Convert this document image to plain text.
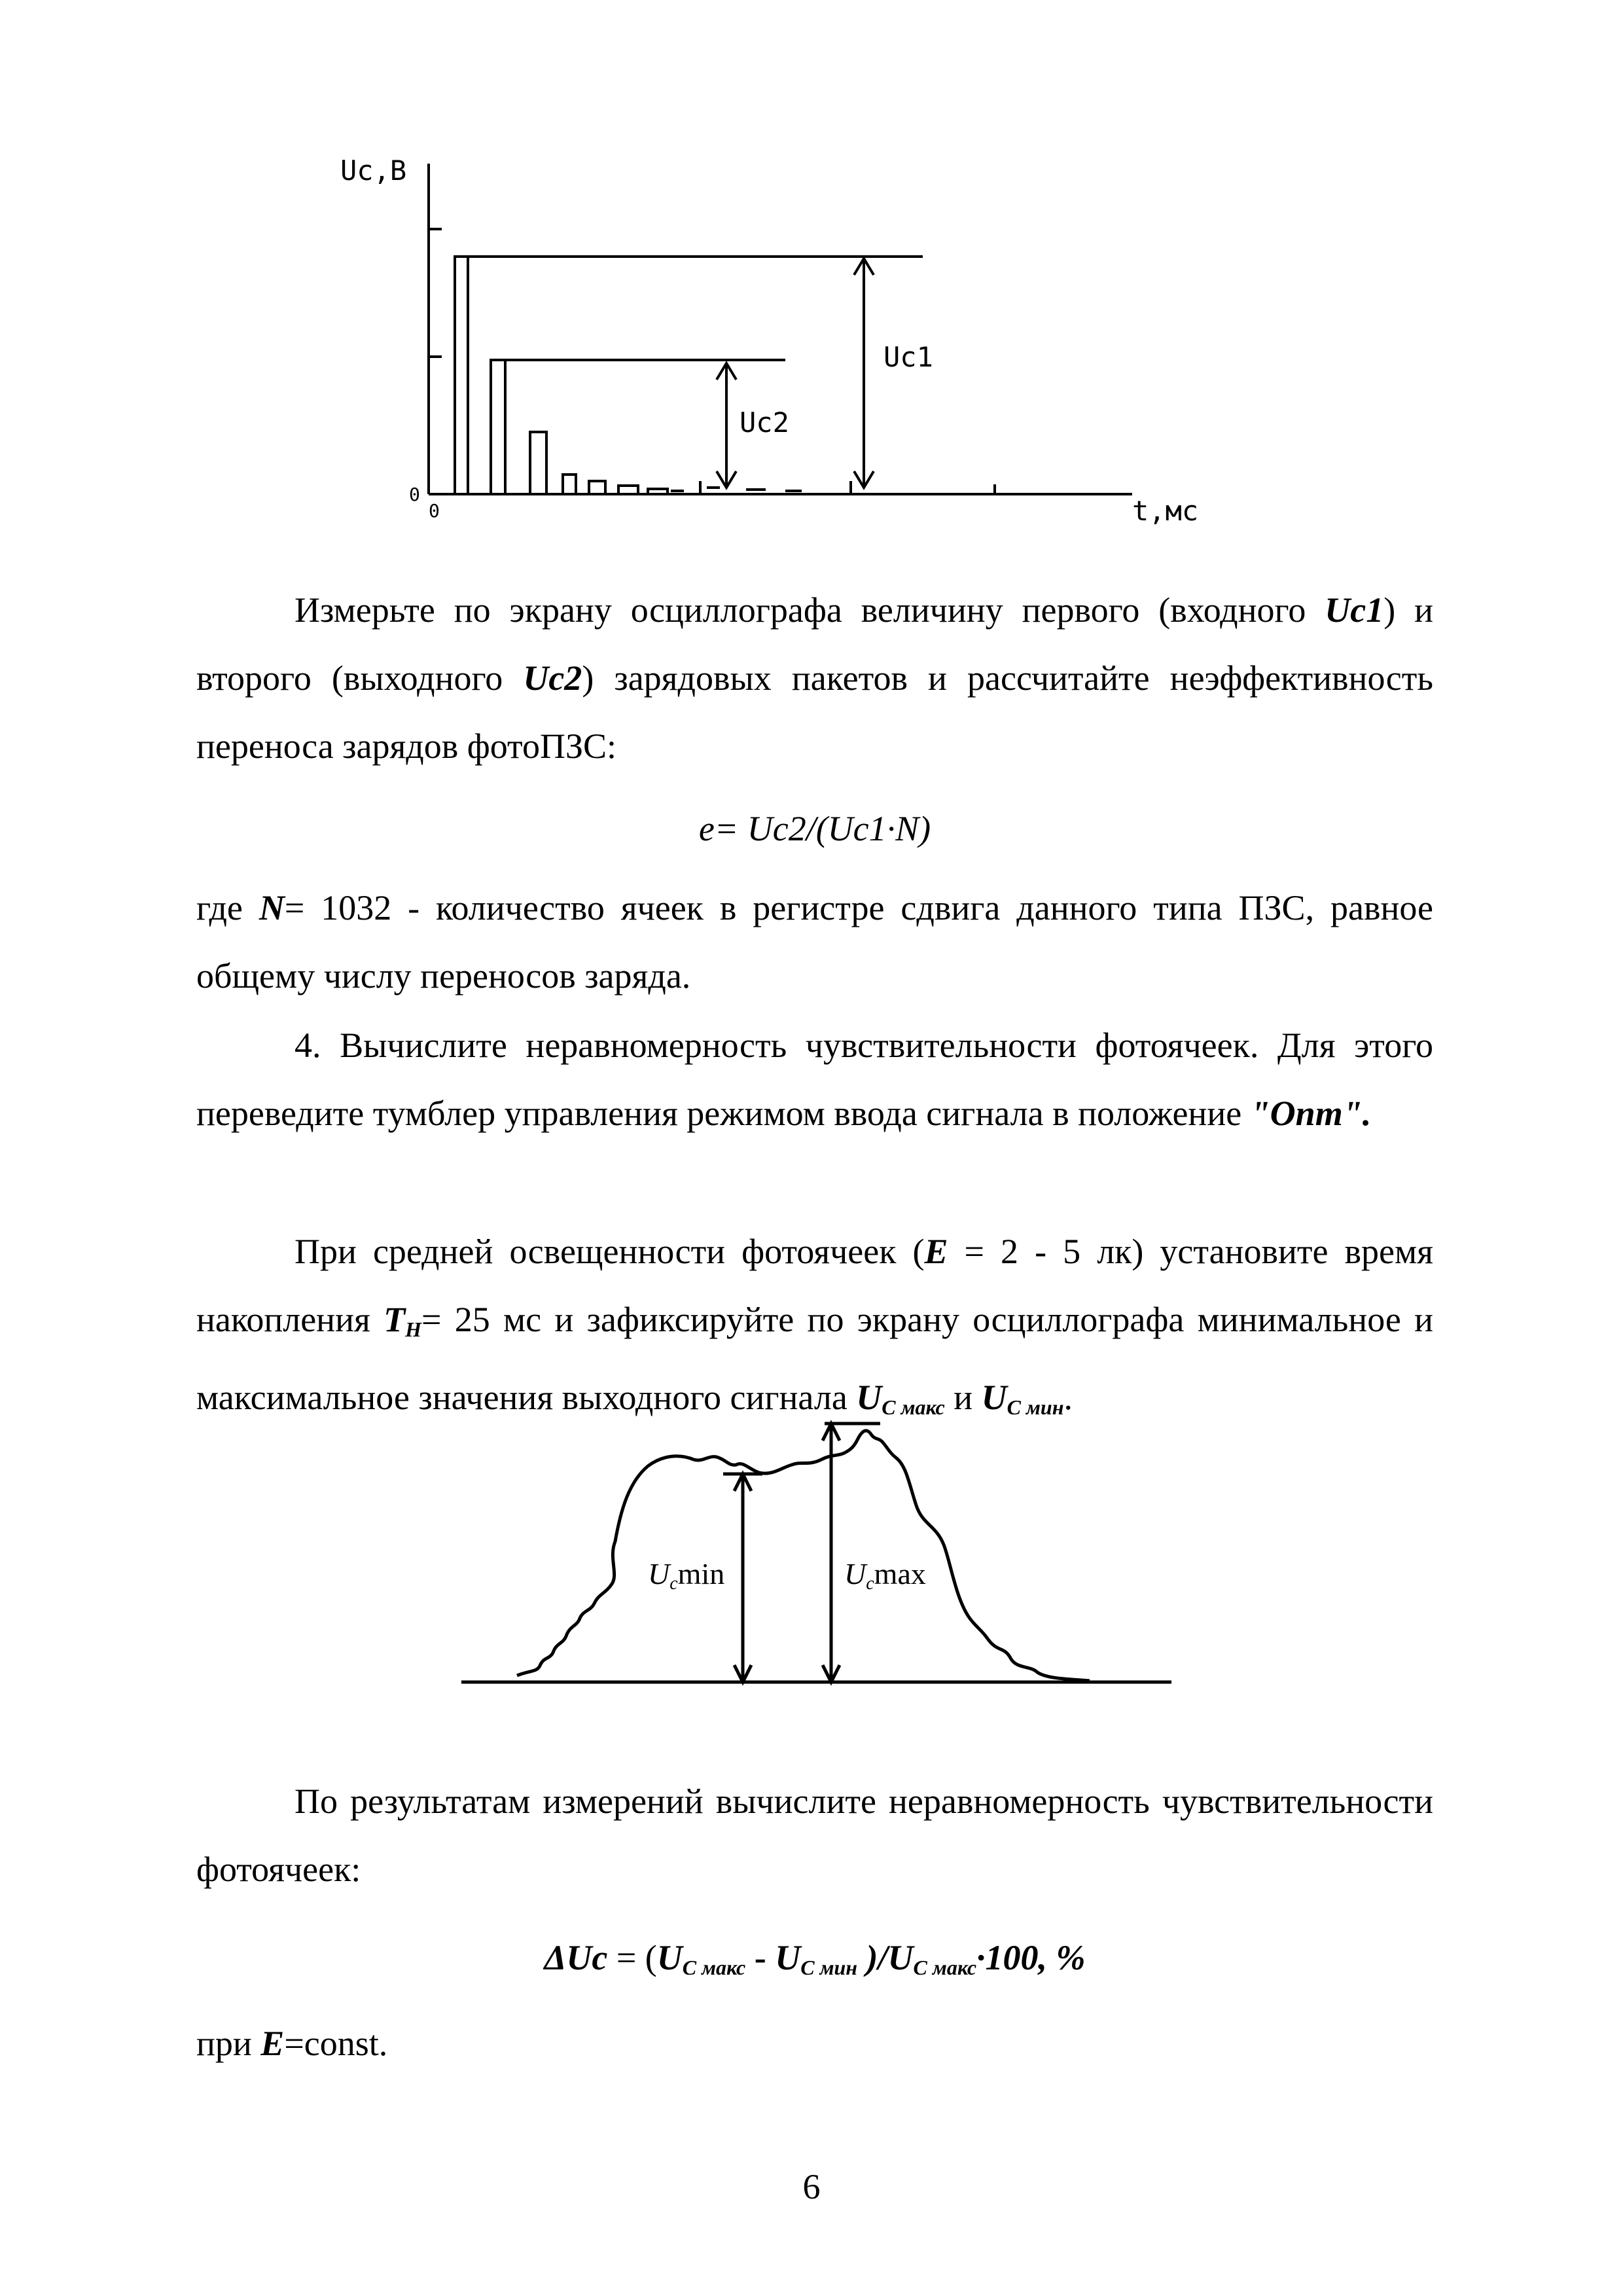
Uc,В
t,мс
0
0
Uc1
Uc2

Измерьте по экрану осциллографа величину первого (входного Uc1) и второго (выходного Uc2) зарядовых пакетов и рассчитайте неэффективность переноса зарядов фотоПЗС:

e= Uc2/(Uc1·N)

где N= 1032 - количество ячеек в регистре сдвига данного типа ПЗС, равное общему числу переносов заряда.

4. Вычислите неравномерность чувствительности фотоячеек. Для этого переведите тумблер управления режимом ввода сигнала в положение "Опт".

При средней освещенности фотоячеек (E = 2 - 5 лк) установите время накопления $T_H= 25$ мс и зафиксируйте по экрану осциллографа минимальное и максимальное значения выходного сигнала $U_{C макс}$ и $U_{C мин}$.

Ucmin	Ucmax

По результатам измерений вычислите неравномерность чувствительности фотоячеек:

$\Delta Uc = (U_{C макс} - U_{C мин}$ )$/U_{C макс}\cdot 100$, %

при E=const.

6
